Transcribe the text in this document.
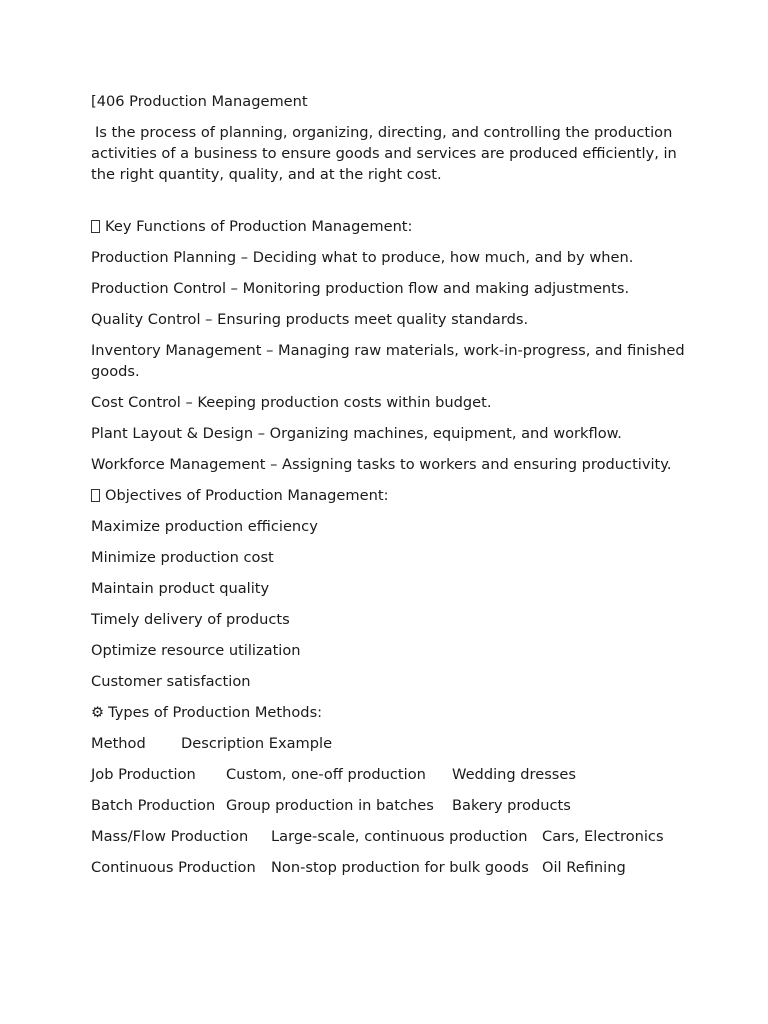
[406 Production Management

Is the process of planning, organizing, directing, and controlling the production activities of a business to ensure goods and services are produced efficiently, in the right quantity, quality, and at the right cost.

Key Functions of Production Management:

Production Planning – Deciding what to produce, how much, and by when.

Production Control – Monitoring production flow and making adjustments.

Quality Control – Ensuring products meet quality standards.

Inventory Management – Managing raw materials, work-in-progress, and finished goods.

Cost Control – Keeping production costs within budget.

Plant Layout & Design – Organizing machines, equipment, and workflow.

Workforce Management – Assigning tasks to workers and ensuring productivity.

Objectives of Production Management:

Maximize production efficiency

Minimize production cost

Maintain product quality

Timely delivery of products

Optimize resource utilization

Customer satisfaction

⚙ Types of Production Methods:

Method Description Example
Job Production Custom, one-off production Wedding dresses
Batch Production Group production in batches Bakery products
Mass/Flow Production Large-scale, continuous production Cars, Electronics
Continuous Production Non-stop production for bulk goods Oil Refining
